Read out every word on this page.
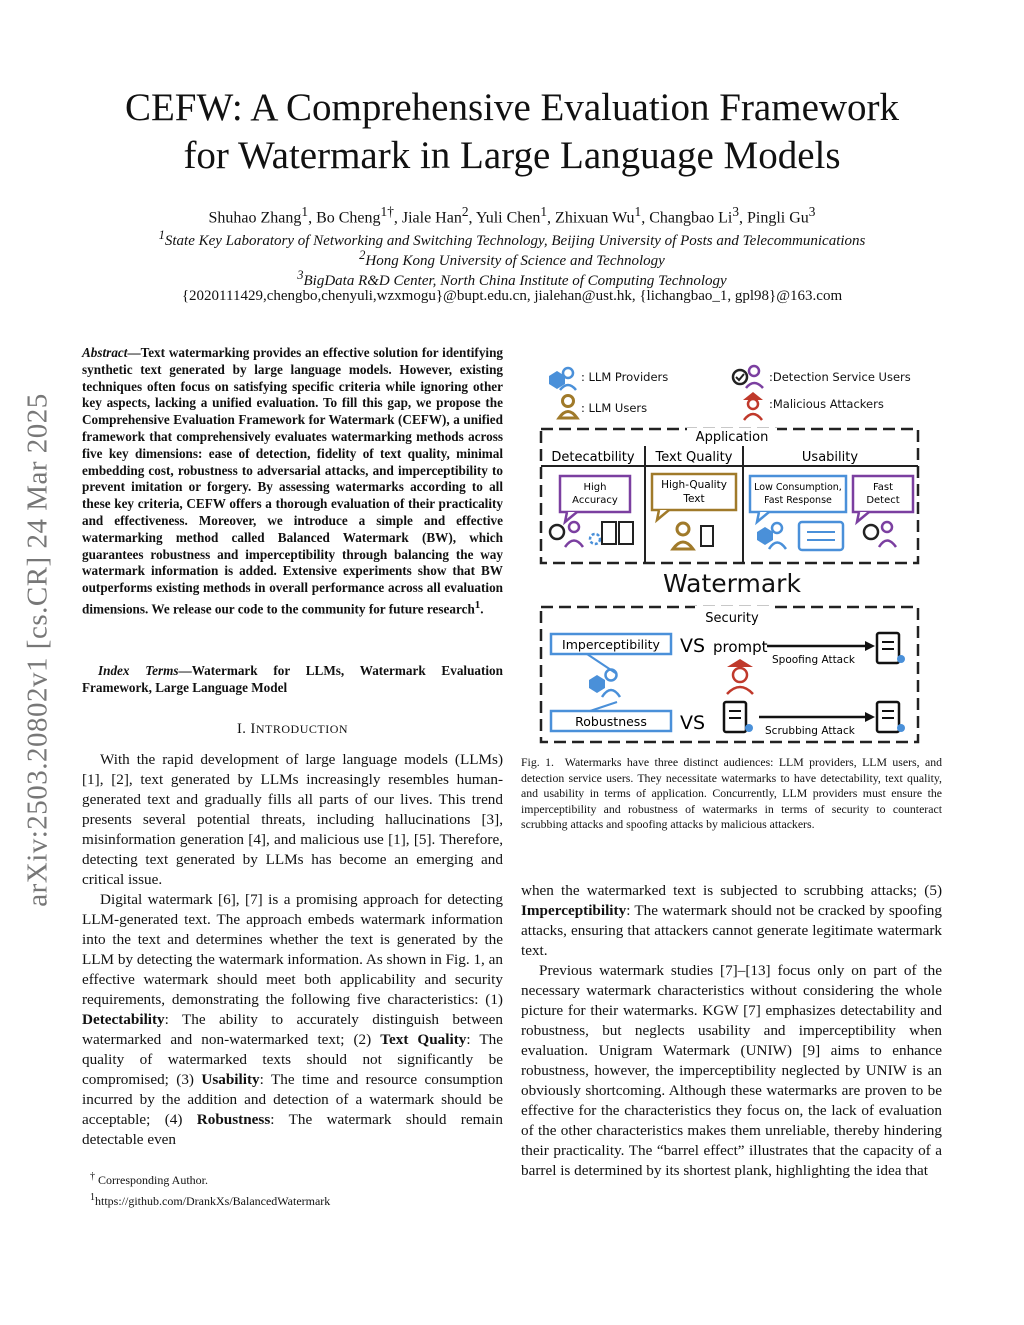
arXiv:2503.20802v1 [cs.CR] 24 Mar 2025
CEFW: A Comprehensive Evaluation Framework
for Watermark in Large Language Models
Shuhao Zhang$^1$, Bo Cheng$^{1\dagger}$, Jiale Han$^2$, Yuli Chen$^1$, Zhixuan Wu$^1$, Changbao Li$^3$, Pingli Gu$^3$
$^1$State Key Laboratory of Networking and Switching Technology, Beijing University of Posts and Telecommunications
$^2$Hong Kong University of Science and Technology
$^3$BigData R&D Center, North China Institute of Computing Technology
{2020111429,chengbo,chenyuli,wzxmogu}@bupt.edu.cn, jialehan@ust.hk, {lichangbao_1, gpl98}@163.com
Abstract—Text watermarking provides an effective solution for identifying synthetic text generated by large language models. However, existing techniques often focus on satisfying specific criteria while ignoring other key aspects, lacking a unified evaluation. To fill this gap, we propose the Comprehensive Evaluation Framework for Watermark (CEFW), a unified framework that comprehensively evaluates watermarking methods across five key dimensions: ease of detection, fidelity of text quality, minimal embedding cost, robustness to adversarial attacks, and imperceptibility to prevent imitation or forgery. By assessing watermarks according to all these key criteria, CEFW offers a thorough evaluation of their practicality and effectiveness. Moreover, we introduce a simple and effective watermarking method called Balanced Watermark (BW), which guarantees robustness and imperceptibility through balancing the way watermark information is added. Extensive experiments show that BW outperforms existing methods in overall performance across all evaluation dimensions. We release our code to the community for future research$^1$.
Index Terms—Watermark for LLMs, Watermark Evaluation Framework, Large Language Model
I. INTRODUCTION

With the rapid development of large language models (LLMs) [1], [2], text generated by LLMs increasingly resembles human-generated text and gradually fills all parts of our lives. This trend presents several potential threats, including hallucinations [3], misinformation generation [4], and malicious use [1], [5]. Therefore, detecting text generated by LLMs has become an emerging and critical issue.

Digital watermark [6], [7] is a promising approach for detecting LLM-generated text. The approach embeds watermark information into the text and determines whether the text is generated by the LLM by detecting the watermark information. As shown in Fig. 1, an effective watermark should meet both applicability and security requirements, demonstrating the following five characteristics: (1) Detectability: The ability to accurately distinguish between watermarked and non-watermarked text; (2) Text Quality: The quality of watermarked texts should not significantly be compromised; (3) Usability: The time and resource consumption incurred by the addition and detection of a watermark should be acceptable; (4) Robustness: The watermark should remain detectable even

† Corresponding Author.
$^1$https://github.com/DrankXs/BalancedWatermark
: LLM Providers
: LLM Users
:Detection Service Users
:Malicious Attackers
Application
Detecatbility Text Quality	Usability
High
Accuracy
High-Quality
Text
Low Consumption,
Fast Response
Fast
Detect
Watermark
Security
Imperceptibility
Robustness
VS prompt
Spoofing Attack
VS	Scrubbing Attack
Fig. 1. Watermarks have three distinct audiences: LLM providers, LLM users, and detection service users. They necessitate watermarks to have detectability, text quality, and usability in terms of application. Concurrently, LLM providers must ensure the imperceptibility and robustness of watermarks in terms of security to counteract scrubbing attacks and spoofing attacks by malicious attackers.

when the watermarked text is subjected to scrubbing attacks; (5) Imperceptibility: The watermark should not be cracked by spoofing attacks, ensuring that attackers cannot generate legitimate watermark text.

Previous watermark studies [7]–[13] focus only on part of the necessary watermark characteristics without considering the whole picture for their watermarks. KGW [7] emphasizes detectability and robustness, but neglects usability and imperceptibility when evaluation. Unigram Watermark (UNIW) [9] aims to enhance robustness, however, the imperceptibility neglected by UNIW is an obviously shortcoming. Although these watermarks are proven to be effective for the characteristics they focus on, the lack of evaluation of the other characteristics makes them unreliable, thereby hindering their practicality. The “barrel effect” illustrates that the capacity of a barrel is determined by its shortest plank, highlighting the idea that
